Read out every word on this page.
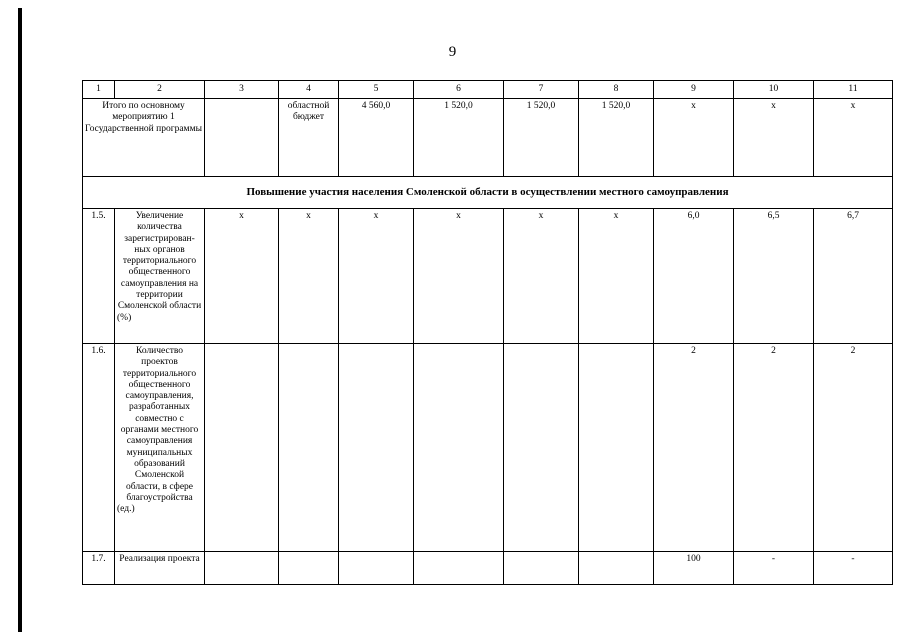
9
1	2	3	4	5	6	7	8	9	10	11
Итого по основному мероприятию 1 Государственной программы			областной бюджет	4 560,0	1 520,0	1 520,0	1 520,0	х	х	х
Повышение участия населения Смоленской области в осуществлении местного самоуправления										
1.5.	Увеличение количества зарегистрирован-ных органов территориального общественного самоуправления на территории Смоленской области (%)	х	х	х	х	х	х	6,0	6,5	6,7
1.6.	Количество проектов территориального общественного самоуправления, разработанных совместно с органами местного самоуправления муниципальных образований Смоленской области, в сфере благоустройства (ед.)							2	2	2
1.7.	Реализация проекта							100	-	-
